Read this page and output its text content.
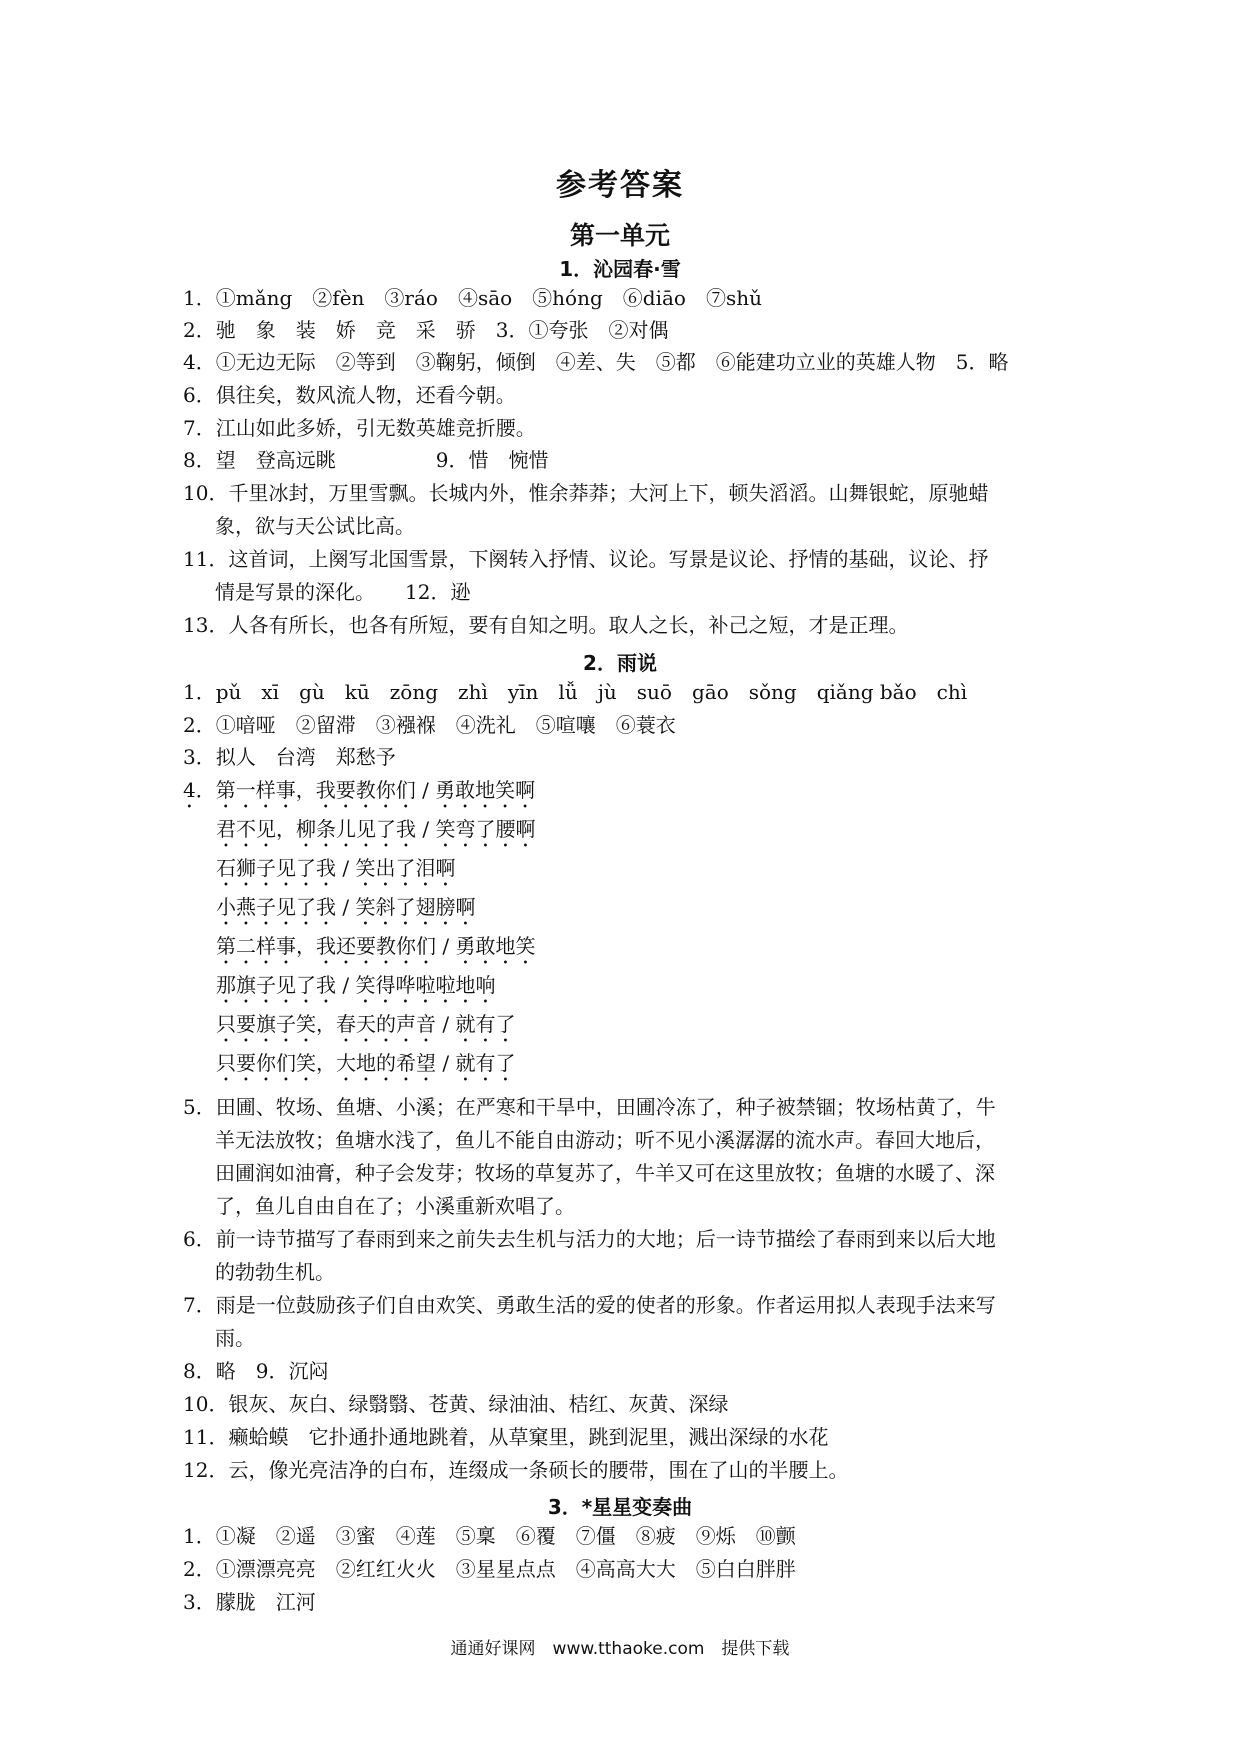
参考答案
第一单元
1．沁园春·雪
1．①mǎng　②fèn　③ráo　④sāo　⑤hóng　⑥diāo　⑦shǔ
2．驰　象　装　娇　竞　采　骄　3．①夸张　②对偶
4．①无边无际　②等到　③鞠躬，倾倒　④差、失　⑤都　⑥能建功立业的英雄人物　5．略
6．俱往矣，数风流人物，还看今朝。
7．江山如此多娇，引无数英雄竞折腰。
8．望　登高远眺　　　　　9．惜　惋惜
10．千里冰封，万里雪飘。长城内外，惟余莽莽；大河上下，顿失滔滔。山舞银蛇，原驰蜡
象，欲与天公试比高。
11．这首词，上阕写北国雪景，下阕转入抒情、议论。写景是议论、抒情的基础，议论、抒
情是写景的深化。　　12．逊
13．人各有所长，也各有所短，要有自知之明。取人之长，补己之短，才是正理。
2．雨说
1．pǔ　xī　gù　kū　zōng　zhì　yīn　lǚ　jù　suō　gāo　sǒng　qiǎng bǎo　chì
2．①喑哑　②留滞　③襁褓　④洗礼　⑤喧嚷　⑥蓑衣
3．拟人　台湾　郑愁予
4．第一样事，我要教你们 / 勇敢地笑啊
君不见，柳条儿见了我 / 笑弯了腰啊
石狮子见了我 / 笑出了泪啊
小燕子见了我 / 笑斜了翅膀啊
第二样事，我还要教你们 / 勇敢地笑
那旗子见了我 / 笑得哗啦啦地响
只要旗子笑，春天的声音 / 就有了
只要你们笑，大地的希望 / 就有了
5．田圃、牧场、鱼塘、小溪；在严寒和干旱中，田圃冷冻了，种子被禁锢；牧场枯黄了，牛
羊无法放牧；鱼塘水浅了，鱼儿不能自由游动；听不见小溪潺潺的流水声。春回大地后，
田圃润如油膏，种子会发芽；牧场的草复苏了，牛羊又可在这里放牧；鱼塘的水暖了、深
了，鱼儿自由自在了；小溪重新欢唱了。
6．前一诗节描写了春雨到来之前失去生机与活力的大地；后一诗节描绘了春雨到来以后大地
的勃勃生机。
7．雨是一位鼓励孩子们自由欢笑、勇敢生活的爱的使者的形象。作者运用拟人表现手法来写
雨。
8．略　9．沉闷
10．银灰、灰白、绿翳翳、苍黄、绿油油、桔红、灰黄、深绿
11．癞蛤蟆　它扑通扑通地跳着，从草窠里，跳到泥里，溅出深绿的水花
12．云，像光亮洁净的白布，连缀成一条硕长的腰带，围在了山的半腰上。
3．*星星变奏曲
1．①凝　②遥　③蜜　④莲　⑤稟　⑥覆　⑦僵　⑧疲　⑨烁　⑩颤
2．①漂漂亮亮　②红红火火　③星星点点　④高高大大　⑤白白胖胖
3．朦胧　江河
通通好课网　www.tthaoke.com　提供下载
